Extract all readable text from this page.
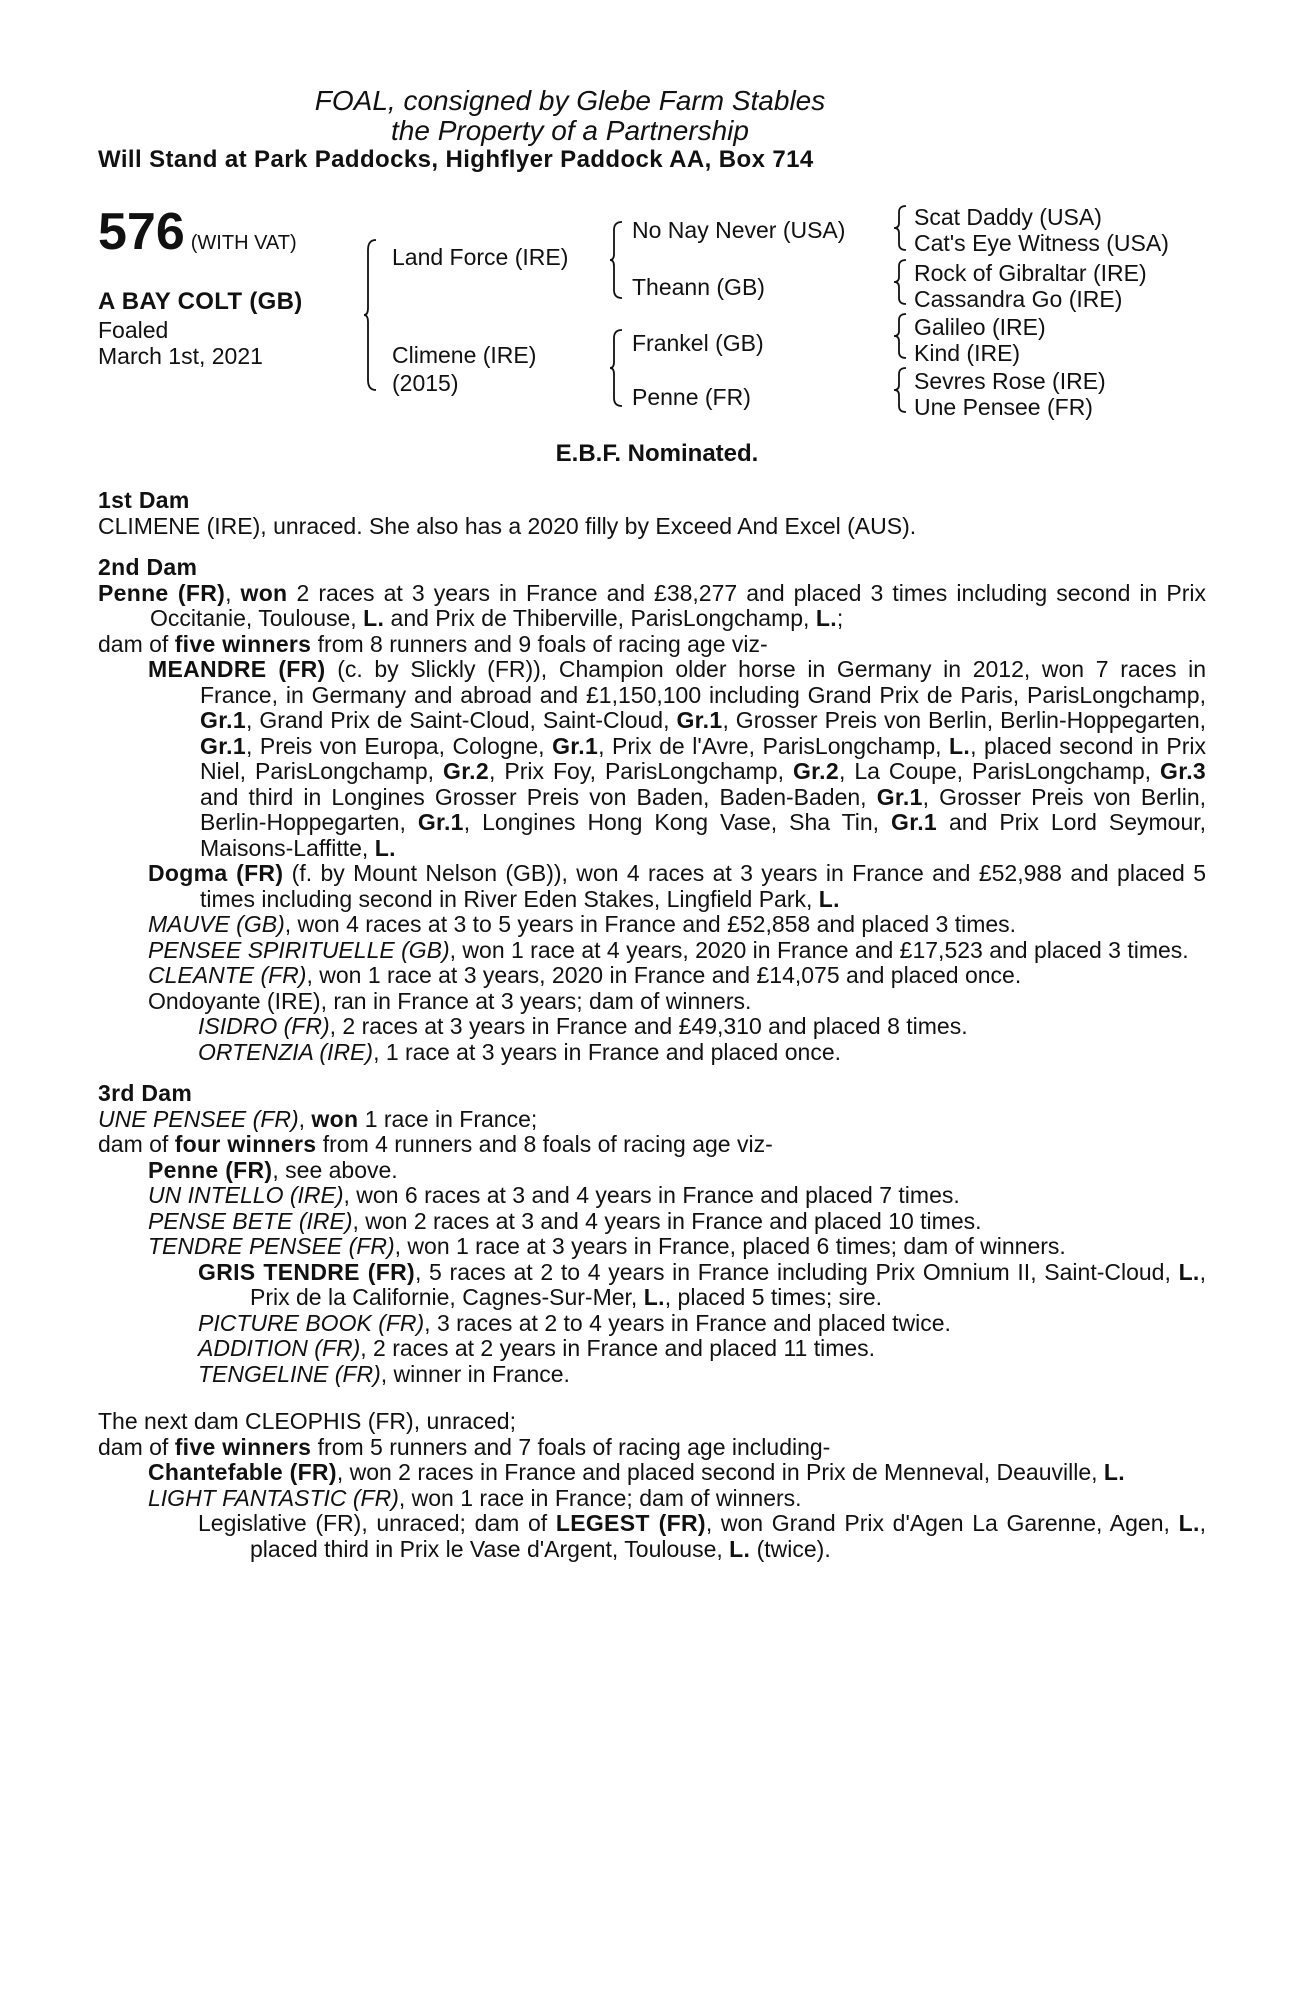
FOAL, consigned by Glebe Farm Stables
the Property of a Partnership
Will Stand at Park Paddocks, Highflyer Paddock AA, Box 714
576 (WITH VAT)
A BAY COLT (GB)
Foaled
March 1st, 2021
Land Force (IRE)
Climene (IRE)
(2015)
No Nay Never (USA)
Theann (GB)
Frankel (GB)
Penne (FR)
Scat Daddy (USA)
Cat's Eye Witness (USA)
Rock of Gibraltar (IRE)
Cassandra Go (IRE)
Galileo (IRE)
Kind (IRE)
Sevres Rose (IRE)
Une Pensee (FR)
E.B.F. Nominated.
1st Dam
CLIMENE (IRE), unraced. She also has a 2020 filly by Exceed And Excel (AUS).
2nd Dam
Penne (FR), won 2 races at 3 years in France and £38,277 and placed 3 times including second in Prix Occitanie, Toulouse, L. and Prix de Thiberville, ParisLongchamp, L.;
dam of five winners from 8 runners and 9 foals of racing age viz-
MEANDRE (FR) (c. by Slickly (FR)), Champion older horse in Germany in 2012, won 7 races in France, in Germany and abroad and £1,150,100 including Grand Prix de Paris, ParisLongchamp, Gr.1, Grand Prix de Saint-Cloud, Saint-Cloud, Gr.1, Grosser Preis von Berlin, Berlin-Hoppegarten, Gr.1, Preis von Europa, Cologne, Gr.1, Prix de l'Avre, ParisLongchamp, L., placed second in Prix Niel, ParisLongchamp, Gr.2, Prix Foy, ParisLongchamp, Gr.2, La Coupe, ParisLongchamp, Gr.3 and third in Longines Grosser Preis von Baden, Baden-Baden, Gr.1, Grosser Preis von Berlin, Berlin-Hoppegarten, Gr.1, Longines Hong Kong Vase, Sha Tin, Gr.1 and Prix Lord Seymour, Maisons-Laffitte, L.
Dogma (FR) (f. by Mount Nelson (GB)), won 4 races at 3 years in France and £52,988 and placed 5 times including second in River Eden Stakes, Lingfield Park, L.
MAUVE (GB), won 4 races at 3 to 5 years in France and £52,858 and placed 3 times.
PENSEE SPIRITUELLE (GB), won 1 race at 4 years, 2020 in France and £17,523 and placed 3 times.
CLEANTE (FR), won 1 race at 3 years, 2020 in France and £14,075 and placed once.
Ondoyante (IRE), ran in France at 3 years; dam of winners.
ISIDRO (FR), 2 races at 3 years in France and £49,310 and placed 8 times.
ORTENZIA (IRE), 1 race at 3 years in France and placed once.
3rd Dam
UNE PENSEE (FR), won 1 race in France;
dam of four winners from 4 runners and 8 foals of racing age viz-
Penne (FR), see above.
UN INTELLO (IRE), won 6 races at 3 and 4 years in France and placed 7 times.
PENSE BETE (IRE), won 2 races at 3 and 4 years in France and placed 10 times.
TENDRE PENSEE (FR), won 1 race at 3 years in France, placed 6 times; dam of winners.
GRIS TENDRE (FR), 5 races at 2 to 4 years in France including Prix Omnium II, Saint-Cloud, L., Prix de la Californie, Cagnes-Sur-Mer, L., placed 5 times; sire.
PICTURE BOOK (FR), 3 races at 2 to 4 years in France and placed twice.
ADDITION (FR), 2 races at 2 years in France and placed 11 times.
TENGELINE (FR), winner in France.
The next dam CLEOPHIS (FR), unraced;
dam of five winners from 5 runners and 7 foals of racing age including-
Chantefable (FR), won 2 races in France and placed second in Prix de Menneval, Deauville, L.
LIGHT FANTASTIC (FR), won 1 race in France; dam of winners.
Legislative (FR), unraced; dam of LEGEST (FR), won Grand Prix d'Agen La Garenne, Agen, L., placed third in Prix le Vase d'Argent, Toulouse, L. (twice).
